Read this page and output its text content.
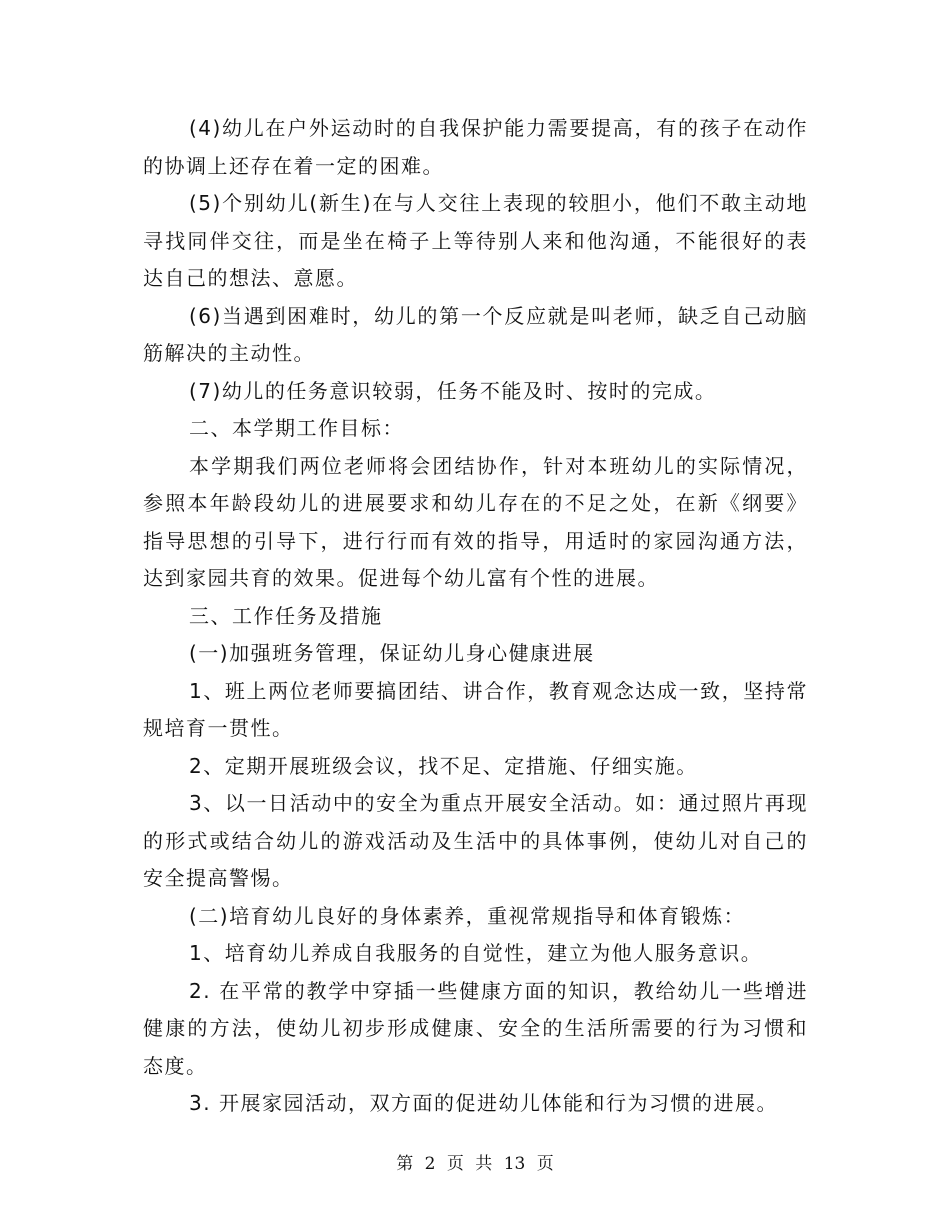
(4)幼儿在户外运动时的自我保护能力需要提高，有的孩子在动作的协调上还存在着一定的困难。

(5)个别幼儿(新生)在与人交往上表现的较胆小，他们不敢主动地寻找同伴交往，而是坐在椅子上等待别人来和他沟通，不能很好的表达自己的想法、意愿。

(6)当遇到困难时，幼儿的第一个反应就是叫老师，缺乏自己动脑筋解决的主动性。

(7)幼儿的任务意识较弱，任务不能及时、按时的完成。

二、本学期工作目标：

本学期我们两位老师将会团结协作，针对本班幼儿的实际情况，参照本年龄段幼儿的进展要求和幼儿存在的不足之处，在新《纲要》指导思想的引导下，进行行而有效的指导，用适时的家园沟通方法，达到家园共育的效果。促进每个幼儿富有个性的进展。

三、工作任务及措施

(一)加强班务管理，保证幼儿身心健康进展

1、班上两位老师要搞团结、讲合作，教育观念达成一致，坚持常规培育一贯性。

2、定期开展班级会议，找不足、定措施、仔细实施。

3、以一日活动中的安全为重点开展安全活动。如：通过照片再现的形式或结合幼儿的游戏活动及生活中的具体事例，使幼儿对自己的安全提高警惕。

(二)培育幼儿良好的身体素养，重视常规指导和体育锻炼：

1、培育幼儿养成自我服务的自觉性，建立为他人服务意识。

2. 在平常的教学中穿插一些健康方面的知识，教给幼儿一些增进健康的方法，使幼儿初步形成健康、安全的生活所需要的行为习惯和态度。

3. 开展家园活动，双方面的促进幼儿体能和行为习惯的进展。

第 2 页 共 13 页
